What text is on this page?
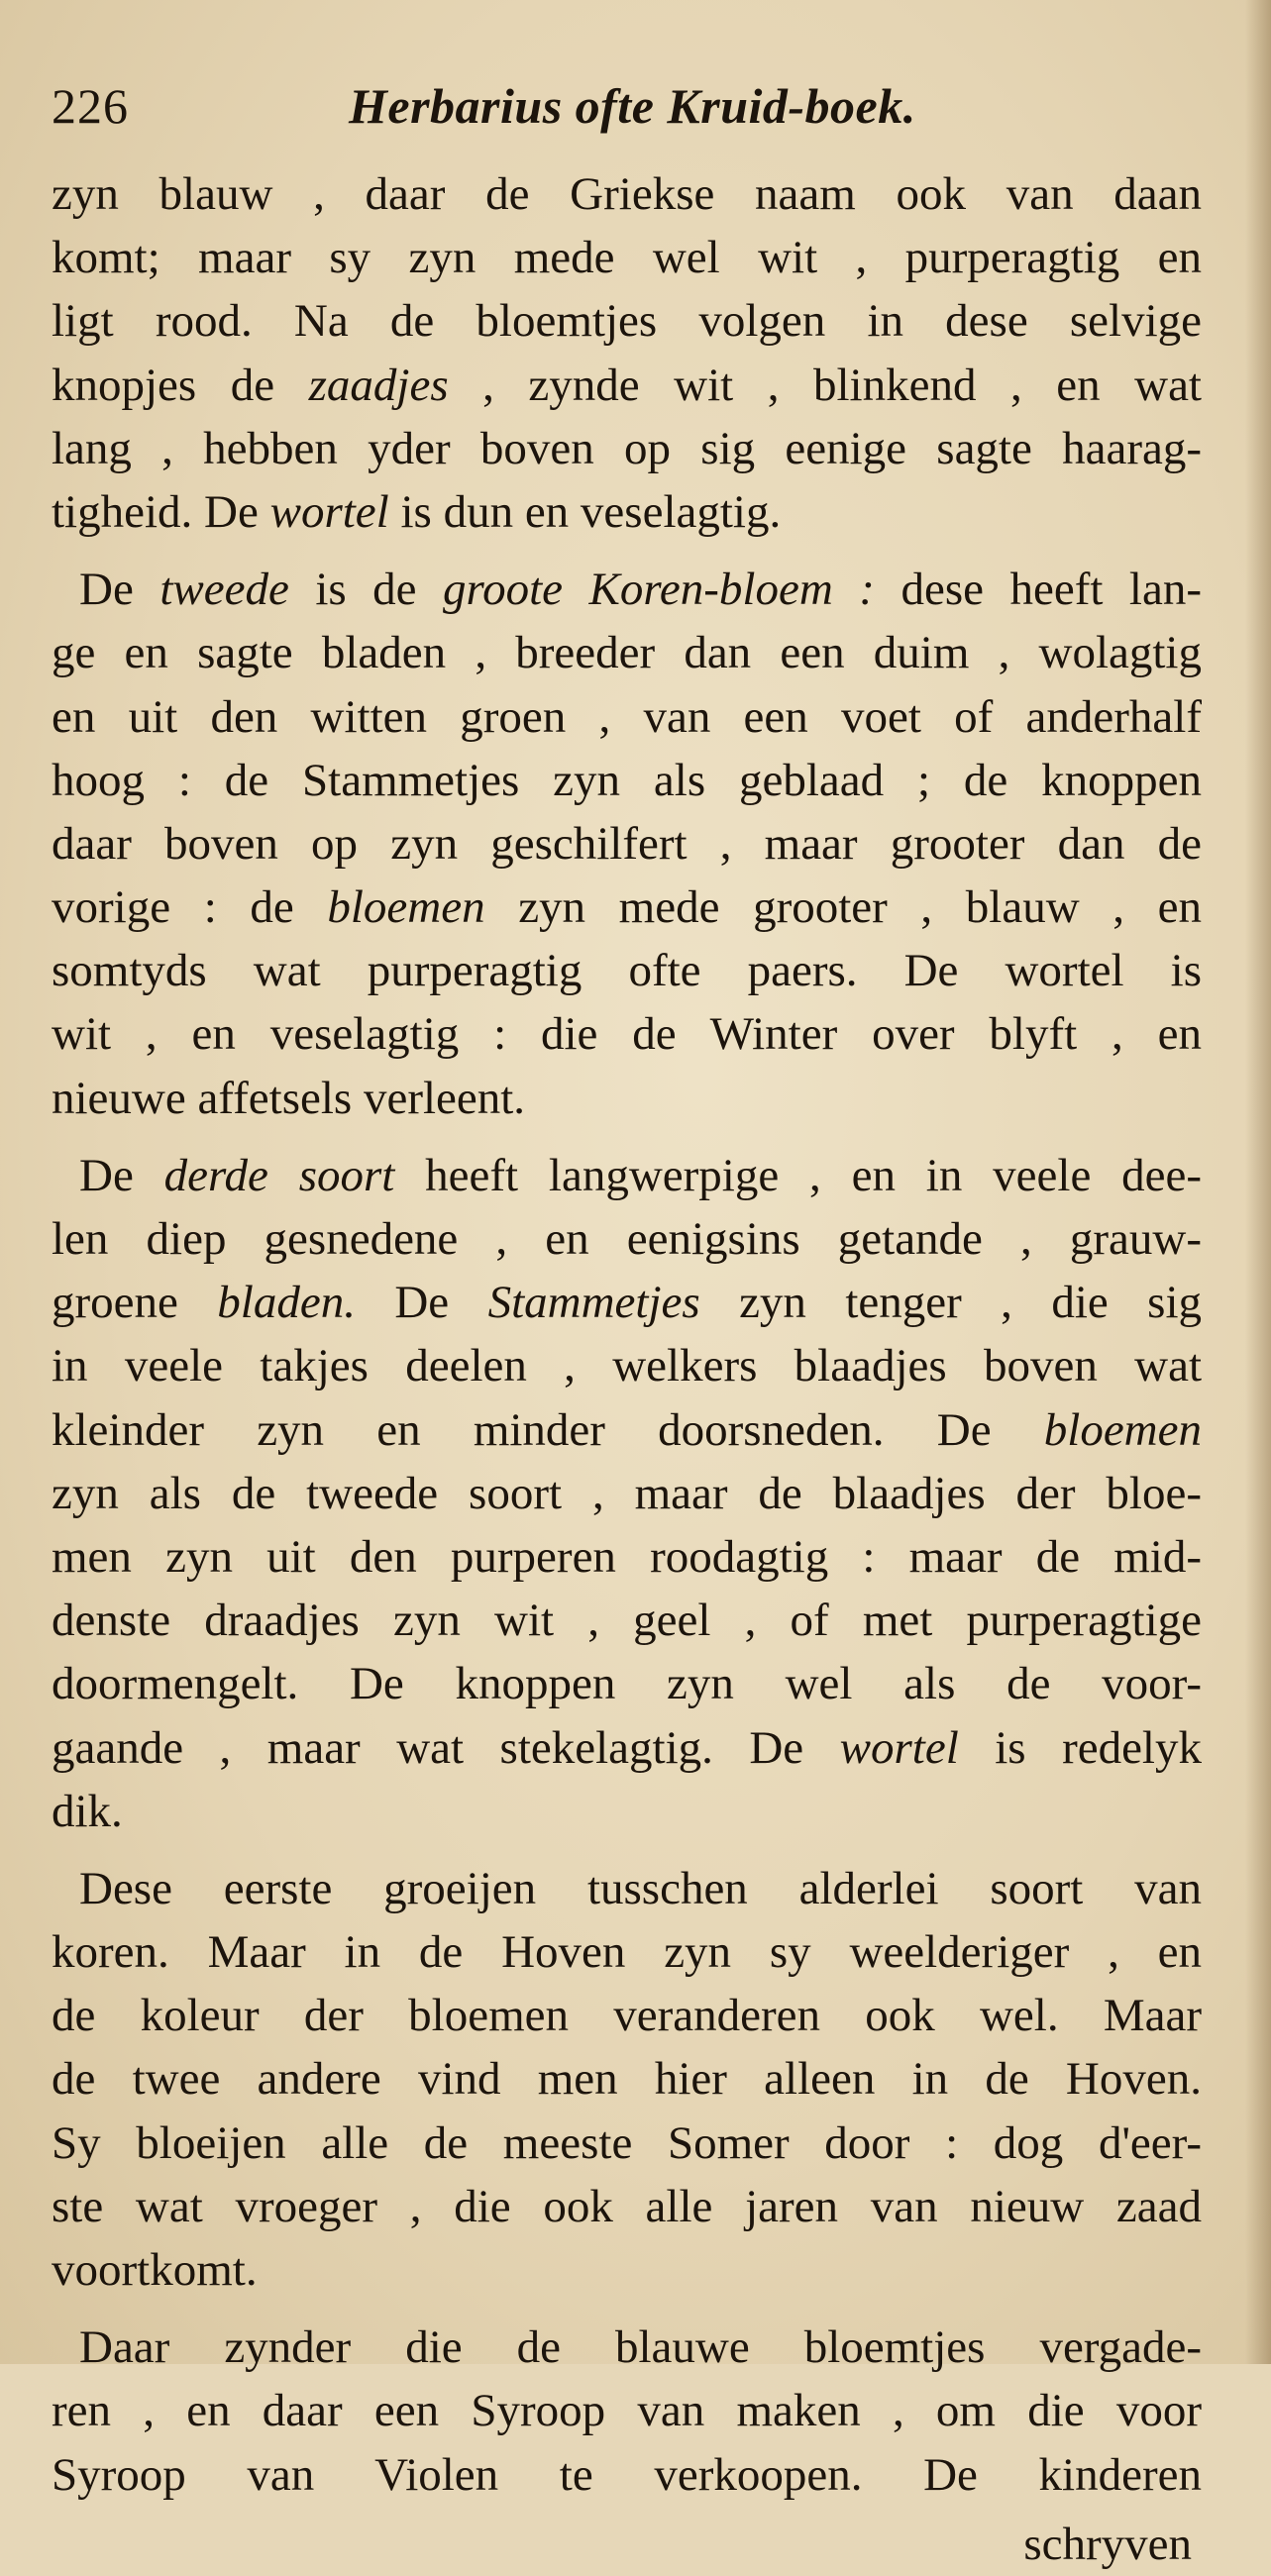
226	Herbarius ofte Kruid-boek.
zyn blauw , daar de Griekse naam ook van daan
komt; maar sy zyn mede wel wit , purperagtig en
ligt rood. Na de bloemtjes volgen in dese selvige
knopjes de zaadjes , zynde wit , blinkend , en wat
lang , hebben yder boven op sig eenige sagte haarag-
tigheid. De wortel is dun en veselagtig.
De tweede is de groote Koren-bloem : dese heeft lan-
ge en sagte bladen , breeder dan een duim , wolagtig
en uit den witten groen , van een voet of anderhalf
hoog : de Stammetjes zyn als geblaad ; de knoppen
daar boven op zyn geschilfert , maar grooter dan de
vorige : de bloemen zyn mede grooter , blauw , en
somtyds wat purperagtig ofte paers. De wortel is
wit , en veselagtig : die de Winter over blyft , en
nieuwe affetsels verleent.
De derde soort heeft langwerpige , en in veele dee-
len diep gesnedene , en eenigsins getande , grauw-
groene bladen. De Stammetjes zyn tenger , die sig
in veele takjes deelen , welkers blaadjes boven wat
kleinder zyn en minder doorsneden. De bloemen
zyn als de tweede soort , maar de blaadjes der bloe-
men zyn uit den purperen roodagtig : maar de mid-
denste draadjes zyn wit , geel , of met purperagtige
doormengelt. De knoppen zyn wel als de voor-
gaande , maar wat stekelagtig. De wortel is redelyk
dik.
Dese eerste groeijen tusschen alderlei soort van
koren. Maar in de Hoven zyn sy weelderiger , en
de koleur der bloemen veranderen ook wel. Maar
de twee andere vind men hier alleen in de Hoven.
Sy bloeijen alle de meeste Somer door : dog d'eer-
ste wat vroeger , die ook alle jaren van nieuw zaad
voortkomt.
Daar zynder die de blauwe bloemtjes vergade-
ren , en daar een Syroop van maken , om die voor
Syroop van Violen te verkoopen. De kinderen
schryven
